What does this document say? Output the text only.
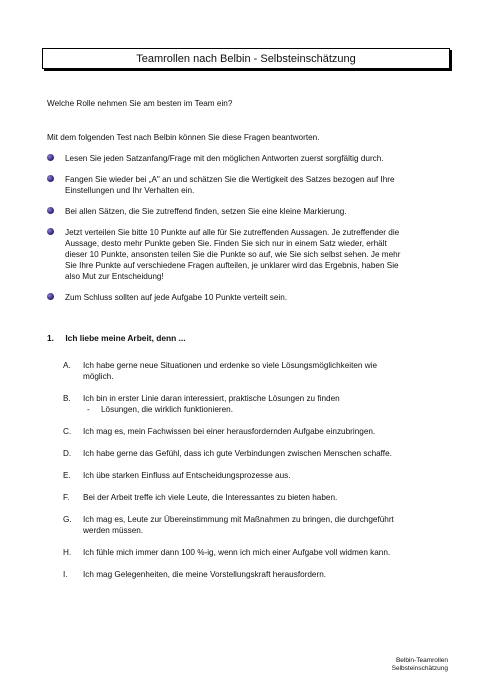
Teamrollen nach Belbin - Selbsteinschätzung
Welche Rolle nehmen Sie am besten im Team ein?
Mit dem folgenden Test nach Belbin können Sie diese Fragen beantworten.
Lesen Sie jeden Satzanfang/Frage mit den möglichen Antworten zuerst sorgfältig durch.
Fangen Sie wieder bei „A" an und schätzen Sie die Wertigkeit des Satzes bezogen auf Ihre
Einstellungen und Ihr Verhalten ein.
Bei allen Sätzen, die Sie zutreffend finden, setzen Sie eine kleine Markierung.
Jetzt verteilen Sie bitte 10 Punkte auf alle für Sie zutreffenden Aussagen. Je zutreffender die
Aussage, desto mehr Punkte geben Sie. Finden Sie sich nur in einem Satz wieder, erhält
dieser 10 Punkte, ansonsten teilen Sie die Punkte so auf, wie Sie sich selbst sehen. Je mehr
Sie Ihre Punkte auf verschiedene Fragen aufteilen, je unklarer wird das Ergebnis, haben Sie
also Mut zur Entscheidung!
Zum Schluss sollten auf jede Aufgabe 10 Punkte verteilt sein.
1. Ich liebe meine Arbeit, denn ...
A. Ich habe gerne neue Situationen und erdenke so viele Lösungsmöglichkeiten wie
möglich.
B. Ich bin in erster Linie daran interessiert, praktische Lösungen zu finden
- Lösungen, die wirklich funktionieren.
C. Ich mag es, mein Fachwissen bei einer herausfordernden Aufgabe einzubringen.
D. Ich habe gerne das Gefühl, dass ich gute Verbindungen zwischen Menschen schaffe.
E. Ich übe starken Einfluss auf Entscheidungsprozesse aus.
F. Bei der Arbeit treffe ich viele Leute, die Interessantes zu bieten haben.
G. Ich mag es, Leute zur Übereinstimmung mit Maßnahmen zu bringen, die durchgeführt
werden müssen.
H. Ich fühle mich immer dann 100 %-ig, wenn ich mich einer Aufgabe voll widmen kann.
I. Ich mag Gelegenheiten, die meine Vorstellungskraft herausfordern.
Belbin-Teamrollen
Selbsteinschätzung
